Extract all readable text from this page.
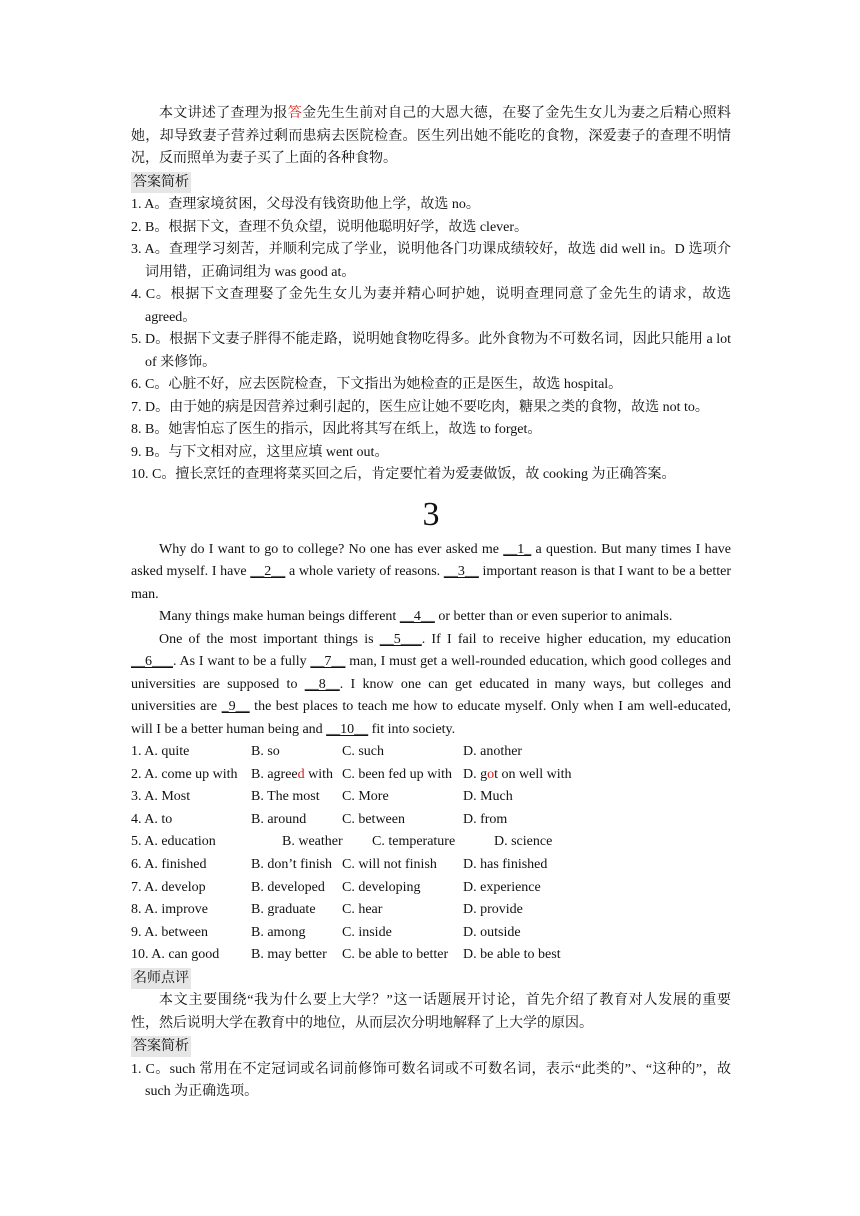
本文讲述了查理为报答金先生生前对自己的大恩大德，在娶了金先生女儿为妻之后精心照料她，却导致妻子营养过剩而患病去医院检查。医生列出她不能吃的食物，深爱妻子的查理不明情况，反而照单为妻子买了上面的各种食物。

答案简析

1. A。查理家境贫困，父母没有钱资助他上学，故选 no。

2. B。根据下文，查理不负众望，说明他聪明好学，故选 clever。

3. A。查理学习刻苦，并顺利完成了学业，说明他各门功课成绩较好，故选 did well in。D 选项介词用错，正确词组为 was good at。

4. C。根据下文查理娶了金先生女儿为妻并精心呵护她，说明查理同意了金先生的请求，故选 agreed。

5. D。根据下文妻子胖得不能走路，说明她食物吃得多。此外食物为不可数名词，因此只能用 a lot of 来修饰。

6. C。心脏不好，应去医院检查，下文指出为她检查的正是医生，故选 hospital。

7. D。由于她的病是因营养过剩引起的，医生应让她不要吃肉，糖果之类的食物，故选 not to。

8. B。她害怕忘了医生的指示，因此将其写在纸上，故选 to forget。

9. B。与下文相对应，这里应填 went out。

10. C。擅长烹饪的查理将菜买回之后，肯定要忙着为爱妻做饭，故 cooking 为正确答案。

3

Why do I want to go to college? No one has ever asked me __1_ a question. But many times I have asked myself. I have __2__ a whole variety of reasons. __3__ important reason is that I want to be a better man.

Many things make human beings different __4__ or better than or even superior to animals.

One of the most important things is __5___. If I fail to receive higher education, my education __6___. As I want to be a fully __7__ man, I must get a well-rounded education, which good colleges and universities are supposed to __8__. I know one can get educated in many ways, but colleges and universities are _9__ the best places to teach me how to educate myself. Only when I am well-educated, will I be a better human being and __10__ fit into society.

1. A. quite	B. so	C. such	D. another
2. A. come up with B. agreed with C. been fed up with D. got on well with
3. A. Most	B. The most	C. More	D. Much
4. A. to	B. around	C. between	D. from
5. A. education	B. weather	C. temperature	D. science
6. A. finished	B. don’t finish C. will not finish	D. has finished
7. A. develop	B. developed	C. developing	D. experience
8. A. improve	B. graduate	C. hear	D. provide
9. A. between	B. among	C. inside	D. outside
10. A. can good	B. may better	C. be able to better	D. be able to best
名师点评

本文主要围绕“我为什么要上大学？”这一话题展开讨论，首先介绍了教育对人发展的重要性，然后说明大学在教育中的地位，从而层次分明地解释了上大学的原因。

答案简析

1. C。such 常用在不定冠词或名词前修饰可数名词或不可数名词，表示“此类的”、“这种的”，故 such 为正确选项。
